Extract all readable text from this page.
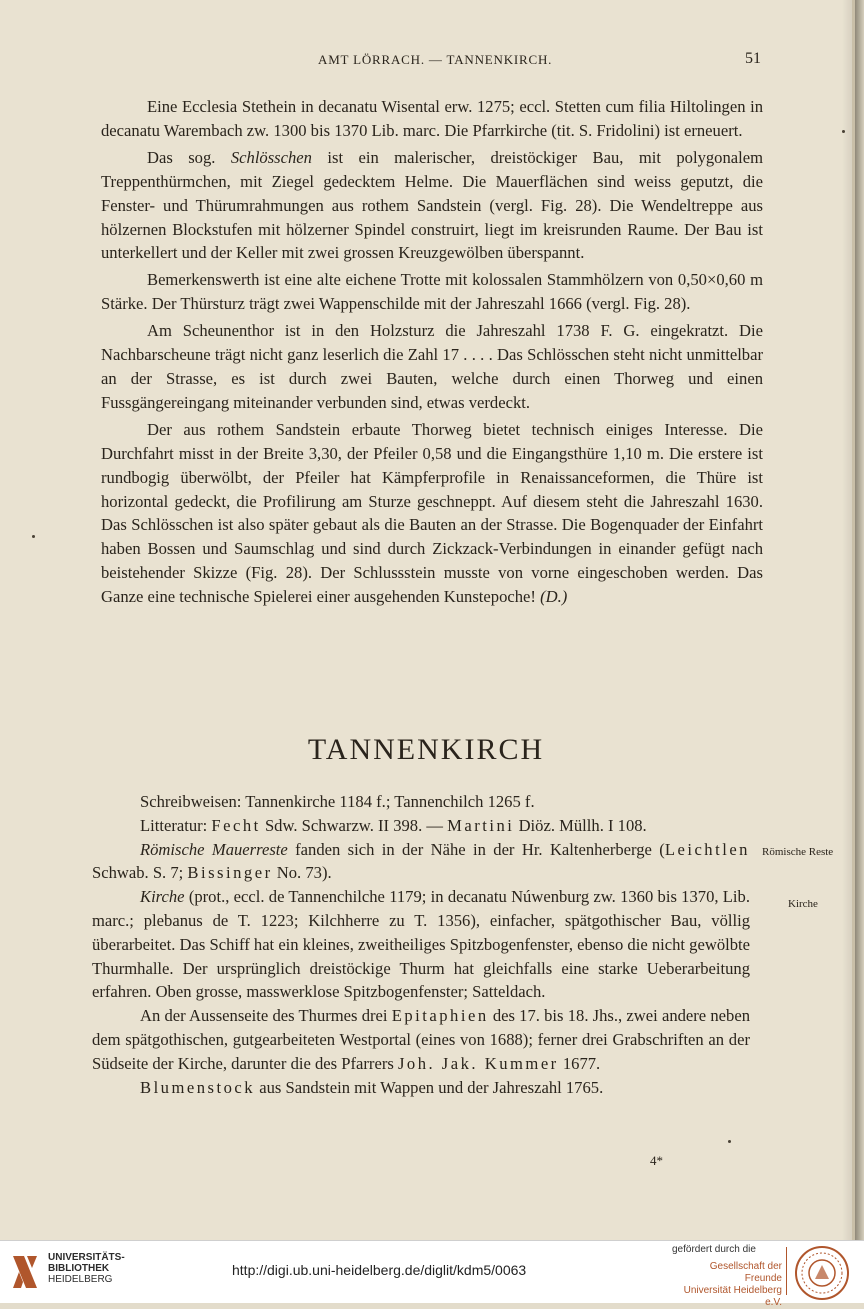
AMT LÖRRACH. — TANNENKIRCH.	51

Eine Ecclesia Stethein in decanatu Wisental erw. 1275; eccl. Stetten cum filia Hiltolingen in decanatu Warembach zw. 1300 bis 1370 Lib. marc. Die Pfarrkirche (tit. S. Fridolini) ist erneuert.

Das sog. Schlösschen ist ein malerischer, dreistöckiger Bau, mit polygonalem Treppenthürmchen, mit Ziegel gedecktem Helme. Die Mauerflächen sind weiss geputzt, die Fenster- und Thürumrahmungen aus rothem Sandstein (vergl. Fig. 28). Die Wendeltreppe aus hölzernen Blockstufen mit hölzerner Spindel construirt, liegt im kreisrunden Raume. Der Bau ist unterkellert und der Keller mit zwei grossen Kreuzgewölben überspannt.

Bemerkenswerth ist eine alte eichene Trotte mit kolossalen Stammhölzern von 0,50×0,60 m Stärke. Der Thürsturz trägt zwei Wappenschilde mit der Jahreszahl 1666 (vergl. Fig. 28).

Am Scheunenthor ist in den Holzsturz die Jahreszahl 1738 F. G. eingekratzt. Die Nachbarscheune trägt nicht ganz leserlich die Zahl 17 . . . . Das Schlösschen steht nicht unmittelbar an der Strasse, es ist durch zwei Bauten, welche durch einen Thorweg und einen Fussgängereingang miteinander verbunden sind, etwas verdeckt.

Der aus rothem Sandstein erbaute Thorweg bietet technisch einiges Interesse. Die Durchfahrt misst in der Breite 3,30, der Pfeiler 0,58 und die Eingangsthüre 1,10 m. Die erstere ist rundbogig überwölbt, der Pfeiler hat Kämpferprofile in Renaissanceformen, die Thüre ist horizontal gedeckt, die Profilirung am Sturze geschneppt. Auf diesem steht die Jahreszahl 1630. Das Schlösschen ist also später gebaut als die Bauten an der Strasse. Die Bogenquader der Einfahrt haben Bossen und Saumschlag und sind durch Zickzack-Verbindungen in einander gefügt nach beistehender Skizze (Fig. 28). Der Schlussstein musste von vorne eingeschoben werden. Das Ganze eine technische Spielerei einer ausgehenden Kunstepoche! (D.)

TANNENKIRCH

Schreibweisen: Tannenkirche 1184 f.; Tannenchilch 1265 f.

Litteratur: Fecht Sdw. Schwarzw. II 398. — Martini Diöz. Müllh. I 108.

Römische Mauerreste fanden sich in der Nähe in der Hr. Kaltenherberge (Leichtlen Schwab. S. 7; Bissinger No. 73).

Kirche (prot., eccl. de Tannenchilche 1179; in decanatu Núwenburg zw. 1360 bis 1370, Lib. marc.; plebanus de T. 1223; Kilchherre zu T. 1356), einfacher, spätgothischer Bau, völlig überarbeitet. Das Schiff hat ein kleines, zweitheiliges Spitzbogenfenster, ebenso die nicht gewölbte Thurmhalle. Der ursprünglich dreistöckige Thurm hat gleichfalls eine starke Ueberarbeitung erfahren. Oben grosse, masswerklose Spitzbogenfenster; Satteldach.

An der Aussenseite des Thurmes drei Epitaphien des 17. bis 18. Jhs., zwei andere neben dem spätgothischen, gutgearbeiteten Westportal (eines von 1688); ferner drei Grabschriften an der Südseite der Kirche, darunter die des Pfarrers Joh. Jak. Kummer 1677.

Blumenstock aus Sandstein mit Wappen und der Jahreszahl 1765.

Römische Reste
Kirche
4*
UNIVERSITÄTS-
BIBLIOTHEK
HEIDELBERG
http://digi.ub.uni-heidelberg.de/diglit/kdm5/0063
gefördert durch die
Gesellschaft der Freunde
Universität Heidelberg e.V.
